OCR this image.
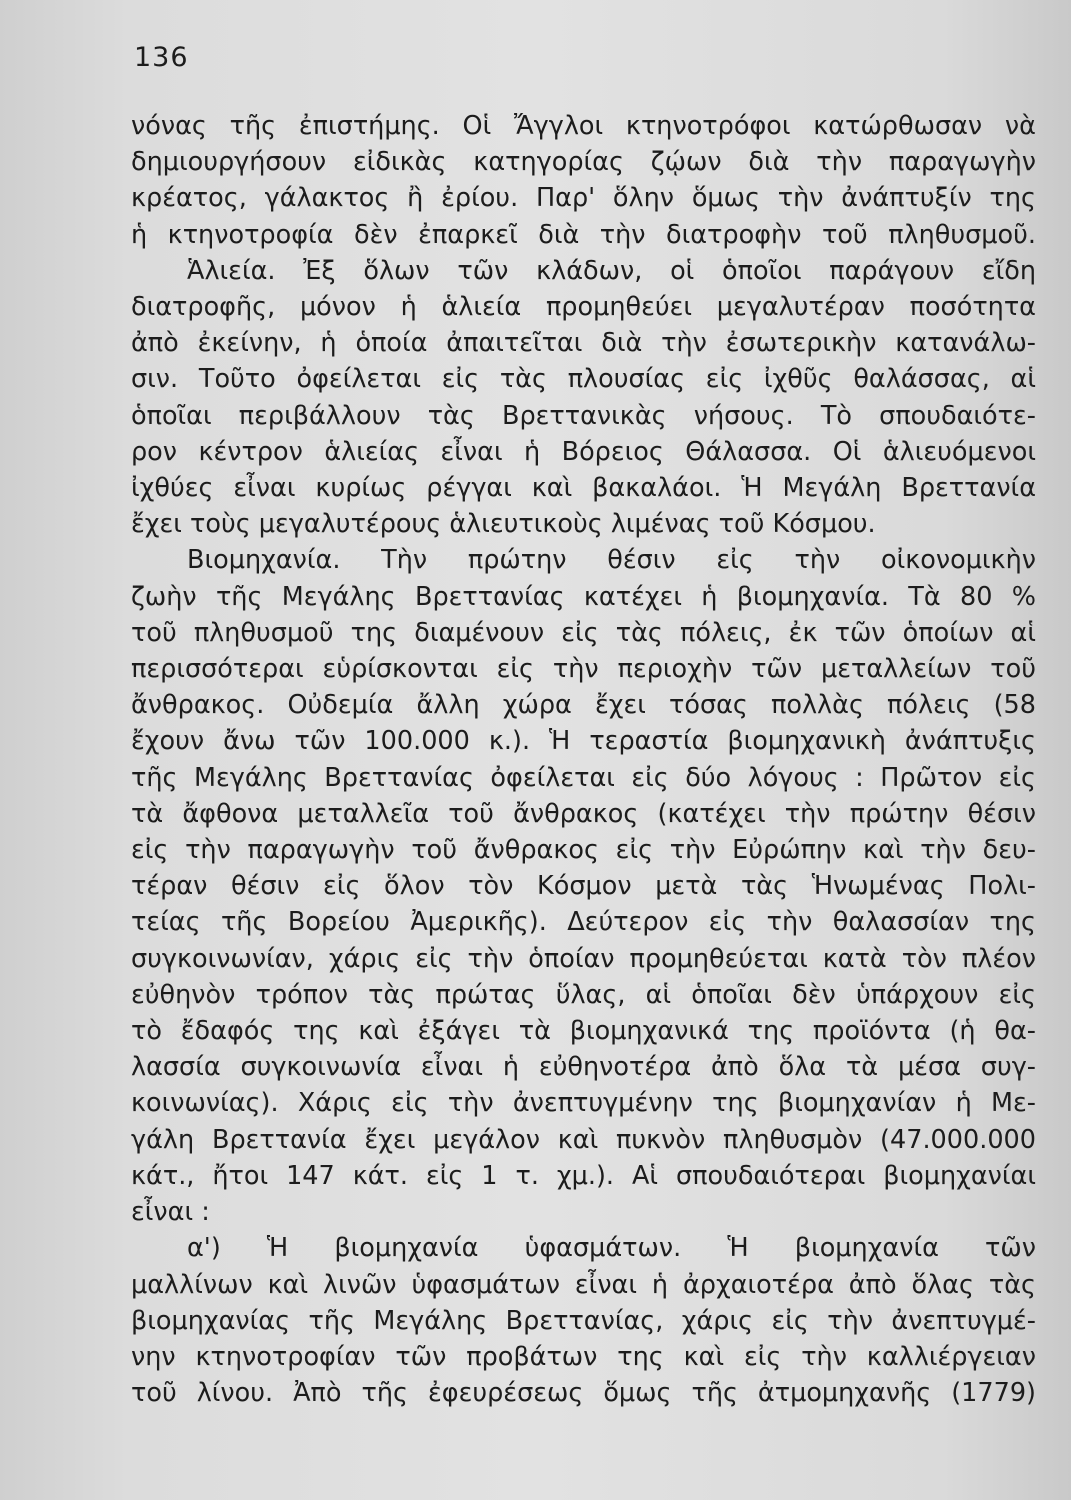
136
νόνας τῆς ἐπιστήμης. Οἱ Ἄγγλοι κτηνοτρόφοι κατώρθωσαν νὰ
δημιουργήσουν εἰδικὰς κατηγορίας ζῴων διὰ τὴν παραγωγὴν
κρέατος, γάλακτος ἢ ἐρίου. Παρ' ὅλην ὅμως τὴν ἀνάπτυξίν της
ἡ κτηνοτροφία δὲν ἐπαρκεῖ διὰ τὴν διατροφὴν τοῦ πληθυσμοῦ.
Ἁλιεία. Ἐξ ὅλων τῶν κλάδων, οἱ ὁποῖοι παράγουν εἴδη
διατροφῆς, μόνον ἡ ἁλιεία προμηθεύει μεγαλυτέραν ποσότητα
ἀπὸ ἐκείνην, ἡ ὁποία ἀπαιτεῖται διὰ τὴν ἐσωτερικὴν κατανάλω-
σιν. Τοῦτο ὀφείλεται εἰς τὰς πλουσίας εἰς ἰχθῦς θαλάσσας, αἱ
ὁποῖαι περιβάλλουν τὰς Βρεττανικὰς νήσους. Τὸ σπουδαιότε-
ρον κέντρον ἁλιείας εἶναι ἡ Βόρειος Θάλασσα. Οἱ ἁλιευόμενοι
ἰχθύες εἶναι κυρίως ρέγγαι καὶ βακαλάοι. Ἡ Μεγάλη Βρεττανία
ἔχει τοὺς μεγαλυτέρους ἁλιευτικοὺς λιμένας τοῦ Κόσμου.
Βιομηχανία. Τὴν πρώτην θέσιν εἰς τὴν οἰκονομικὴν
ζωὴν τῆς Μεγάλης Βρεττανίας κατέχει ἡ βιομηχανία. Τὰ 80 %
τοῦ πληθυσμοῦ της διαμένουν εἰς τὰς πόλεις, ἐκ τῶν ὁποίων αἱ
περισσότεραι εὑρίσκονται εἰς τὴν περιοχὴν τῶν μεταλλείων τοῦ
ἄνθρακος. Οὐδεμία ἄλλη χώρα ἔχει τόσας πολλὰς πόλεις (58
ἔχουν ἄνω τῶν 100.000 κ.). Ἡ τεραστία βιομηχανικὴ ἀνάπτυξις
τῆς Μεγάλης Βρεττανίας ὀφείλεται εἰς δύο λόγους : Πρῶτον εἰς
τὰ ἄφθονα μεταλλεῖα τοῦ ἄνθρακος (κατέχει τὴν πρώτην θέσιν
εἰς τὴν παραγωγὴν τοῦ ἄνθρακος εἰς τὴν Εὐρώπην καὶ τὴν δευ-
τέραν θέσιν εἰς ὅλον τὸν Κόσμον μετὰ τὰς Ἡνωμένας Πολι-
τείας τῆς Βορείου Ἀμερικῆς). Δεύτερον εἰς τὴν θαλασσίαν της
συγκοινωνίαν, χάρις εἰς τὴν ὁποίαν προμηθεύεται κατὰ τὸν πλέον
εὐθηνὸν τρόπον τὰς πρώτας ὕλας, αἱ ὁποῖαι δὲν ὑπάρχουν εἰς
τὸ ἔδαφός της καὶ ἐξάγει τὰ βιομηχανικά της προϊόντα (ἡ θα-
λασσία συγκοινωνία εἶναι ἡ εὐθηνοτέρα ἀπὸ ὅλα τὰ μέσα συγ-
κοινωνίας). Χάρις εἰς τὴν ἀνεπτυγμένην της βιομηχανίαν ἡ Με-
γάλη Βρεττανία ἔχει μεγάλον καὶ πυκνὸν πληθυσμὸν (47.000.000
κάτ., ἤτοι 147 κάτ. εἰς 1 τ. χμ.). Αἱ σπουδαιότεραι βιομηχανίαι
εἶναι :
α') Ἡ βιομηχανία ὑφασμάτων. Ἡ βιομηχανία τῶν
μαλλίνων καὶ λινῶν ὑφασμάτων εἶναι ἡ ἀρχαιοτέρα ἀπὸ ὅλας τὰς
βιομηχανίας τῆς Μεγάλης Βρεττανίας, χάρις εἰς τὴν ἀνεπτυγμέ-
νην κτηνοτροφίαν τῶν προβάτων της καὶ εἰς τὴν καλλιέργειαν
τοῦ λίνου. Ἀπὸ τῆς ἐφευρέσεως ὅμως τῆς ἀτμομηχανῆς (1779)
